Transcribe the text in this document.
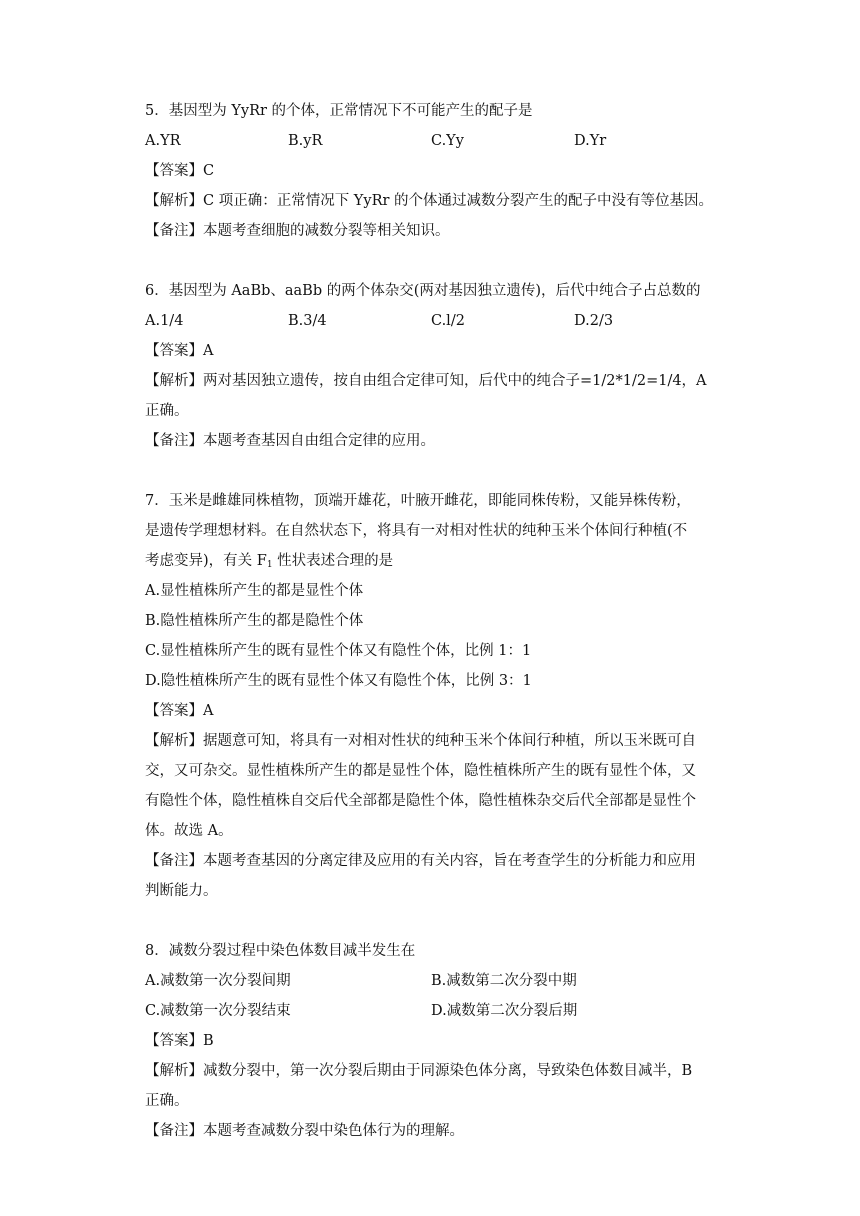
5．基因型为 YyRr 的个体，正常情况下不可能产生的配子是
A.YR	B.yR	C.Yy	D.Yr
【答案】C
【解析】C 项正确：正常情况下 YyRr 的个体通过减数分裂产生的配子中没有等位基因。
【备注】本题考查细胞的减数分裂等相关知识。
6．基因型为 AaBb、aaBb 的两个体杂交(两对基因独立遗传)，后代中纯合子占总数的
A.1/4	B.3/4	C.l/2	D.2/3
【答案】A
【解析】两对基因独立遗传，按自由组合定律可知，后代中的纯合子=1/2*1/2=1/4，A
正确。
【备注】本题考查基因自由组合定律的应用。
7．玉米是雌雄同株植物，顶端开雄花，叶腋开雌花，即能同株传粉，又能异株传粉，
是遗传学理想材料。在自然状态下，将具有一对相对性状的纯种玉米个体间行种植(不
考虑变异)，有关 $F_1$ 性状表述合理的是
A.显性植株所产生的都是显性个体
B.隐性植株所产生的都是隐性个体
C.显性植株所产生的既有显性个体又有隐性个体，比例 1：1
D.隐性植株所产生的既有显性个体又有隐性个体，比例 3：1
【答案】A
【解析】据题意可知，将具有一对相对性状的纯种玉米个体间行种植，所以玉米既可自
交，又可杂交。显性植株所产生的都是显性个体，隐性植株所产生的既有显性个体，又
有隐性个体，隐性植株自交后代全部都是隐性个体，隐性植株杂交后代全部都是显性个
体。故选 A。
【备注】本题考查基因的分离定律及应用的有关内容，旨在考查学生的分析能力和应用
判断能力。
8．减数分裂过程中染色体数目减半发生在
A.减数第一次分裂间期	B.减数第二次分裂中期
C.减数第一次分裂结束	D.减数第二次分裂后期
【答案】B
【解析】减数分裂中，第一次分裂后期由于同源染色体分离，导致染色体数目减半，B
正确。
【备注】本题考查减数分裂中染色体行为的理解。
